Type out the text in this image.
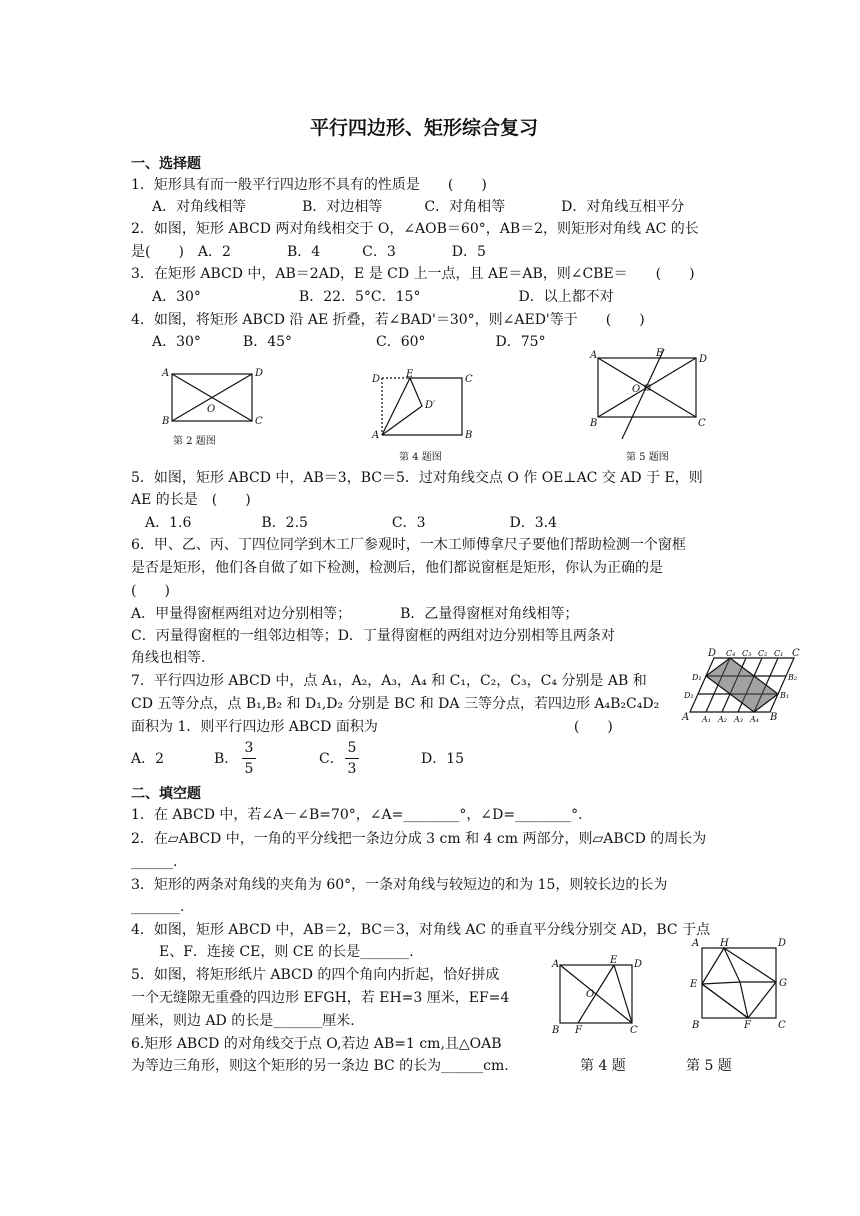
平行四边形、矩形综合复习
一、选择题
1．矩形具有而一般平行四边形不具有的性质是　　(　　)
A．对角线相等　　　　B．对边相等　　　C．对角相等　　　　D．对角线互相平分
2．如图，矩形 ABCD 两对角线相交于 O，∠AOB＝60°，AB＝2，则矩形对角线 AC 的长
是(　　)　A．2　　　　B．4　　　C．3　　　　D．5
3．在矩形 ABCD 中，AB＝2AD，E 是 CD 上一点，且 AE＝AB，则∠CBE＝　　(　　)
A．30°　　　　　　　B．22．5°C．15°　　　　　　　D．以上都不对
4．如图，将矩形 ABCD 沿 AE 折叠，若∠BAD'＝30°，则∠AED'等于　　(　　)
A．30°　　　B．45°　　　　　　C．60°　　　　　D．75°
A	D
B	C
O
第 2 题图
D	E	C
D′
A	B
第 4 题图
A	E
D
O
B	C
第 5 题图
5．如图，矩形 ABCD 中，AB＝3，BC＝5．过对角线交点 O 作 OE⊥AC 交 AD 于 E，则
AE 的长是　(　　)
A．1.6　　　　　B．2.5　　　　　　C．3　　　　　　D．3.4
6．甲、乙、丙、丁四位同学到木工厂参观时，一木工师傅拿尺子要他们帮助检测一个窗框
是否是矩形，他们各自做了如下检测，检测后，他们都说窗框是矩形，你认为正确的是
(　　)
A．甲量得窗框两组对边分别相等；　　　　B．乙量得窗框对角线相等；
C．丙量得窗框的一组邻边相等；D．丁量得窗框的两组对边分别相等且两条对
角线也相等.
7．平行四边形 ABCD 中，点 A₁，A₂，A₃，A₄ 和 C₁，C₂，C₃，C₄ 分别是 AB 和
CD 五等分点，点 B₁,B₂ 和 D₁,D₂ 分别是 BC 和 DA 三等分点，若四边形 A₄B₂C₄D₂
面积为 1．则平行四边形 ABCD 面积为　　　　　　　　　　　　　　(　　)
D C₄ C₃ C₂ C₁ C
D₁
D₂
B₂
B₁
A A₁ A₂ A₃ A₄ B
A．2	B．
3
5
C．
5
3
D．15
二、填空题
1．在 ABCD 中，若∠A－∠B=70°，∠A=________°，∠D=________°．
2．在▱ABCD 中，一角的平分线把一条边分成 3 cm 和 4 cm 两部分，则▱ABCD 的周长为
______.
3．矩形的两条对角线的夹角为 60°，一条对角线与较短边的和为 15，则较长边的长为
_______.
4．如图，矩形 ABCD 中，AB＝2，BC＝3，对角线 AC 的垂直平分线分别交 AD，BC 于点
E、F．连接 CE，则 CE 的长是_______.
5．如图，将矩形纸片 ABCD 的四个角向内折起，恰好拼成
一个无缝隙无重叠的四边形 EFGH，若 EH=3 厘米，EF=4
厘米，则边 AD 的长是_______厘米.
6.矩形 ABCD 的对角线交于点 O,若边 AB=1 cm,且△OAB
为等边三角形，则这个矩形的另一条边 BC 的长为______cm.
A	E D
O
B F	C
A H	D
E	G
B	F	C
第 4 题	第 5 题
